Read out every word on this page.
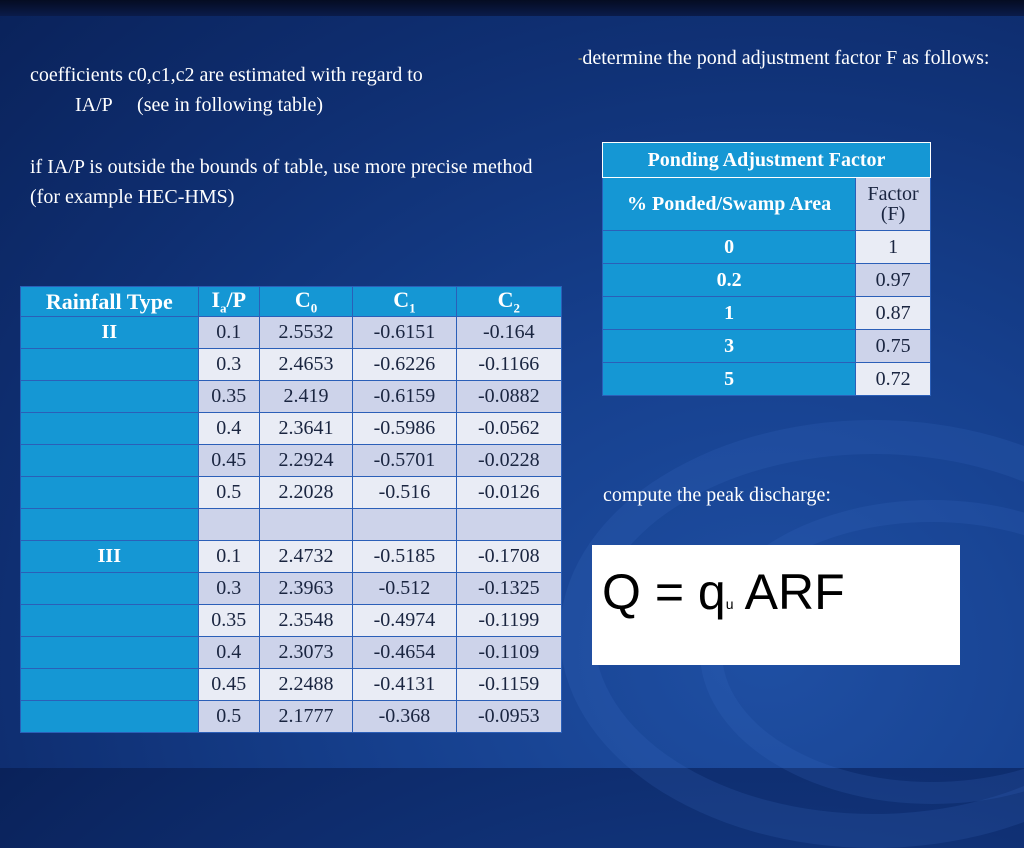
coefficients c0,c1,c2 are estimated with regard to
IA/P     (see in following table)
if IA/P is outside the bounds of table, use more precise method (for example HEC-HMS)
-determine the pond adjustment factor F as follows:
Ponding Adjustment Factor	
% Ponded/Swamp Area	Factor (F)
0	1
0.2	0.97
1	0.87
3	0.75
5	0.72
Rainfall Type	$I_a/P$	$C_0$	$C_1$	$C_2$
II	0.1	2.5532	-0.6151	-0.164
	0.3	2.4653	-0.6226	-0.1166
	0.35	2.419	-0.6159	-0.0882
	0.4	2.3641	-0.5986	-0.0562
	0.45	2.2924	-0.5701	-0.0228
	0.5	2.2028	-0.516	-0.0126

III	0.1	2.4732	-0.5185	-0.1708
	0.3	2.3963	-0.512	-0.1325
	0.35	2.3548	-0.4974	-0.1199
	0.4	2.3073	-0.4654	-0.1109
	0.45	2.2488	-0.4131	-0.1159
	0.5	2.1777	-0.368	-0.0953
compute the peak discharge:
Q = qu ARF
